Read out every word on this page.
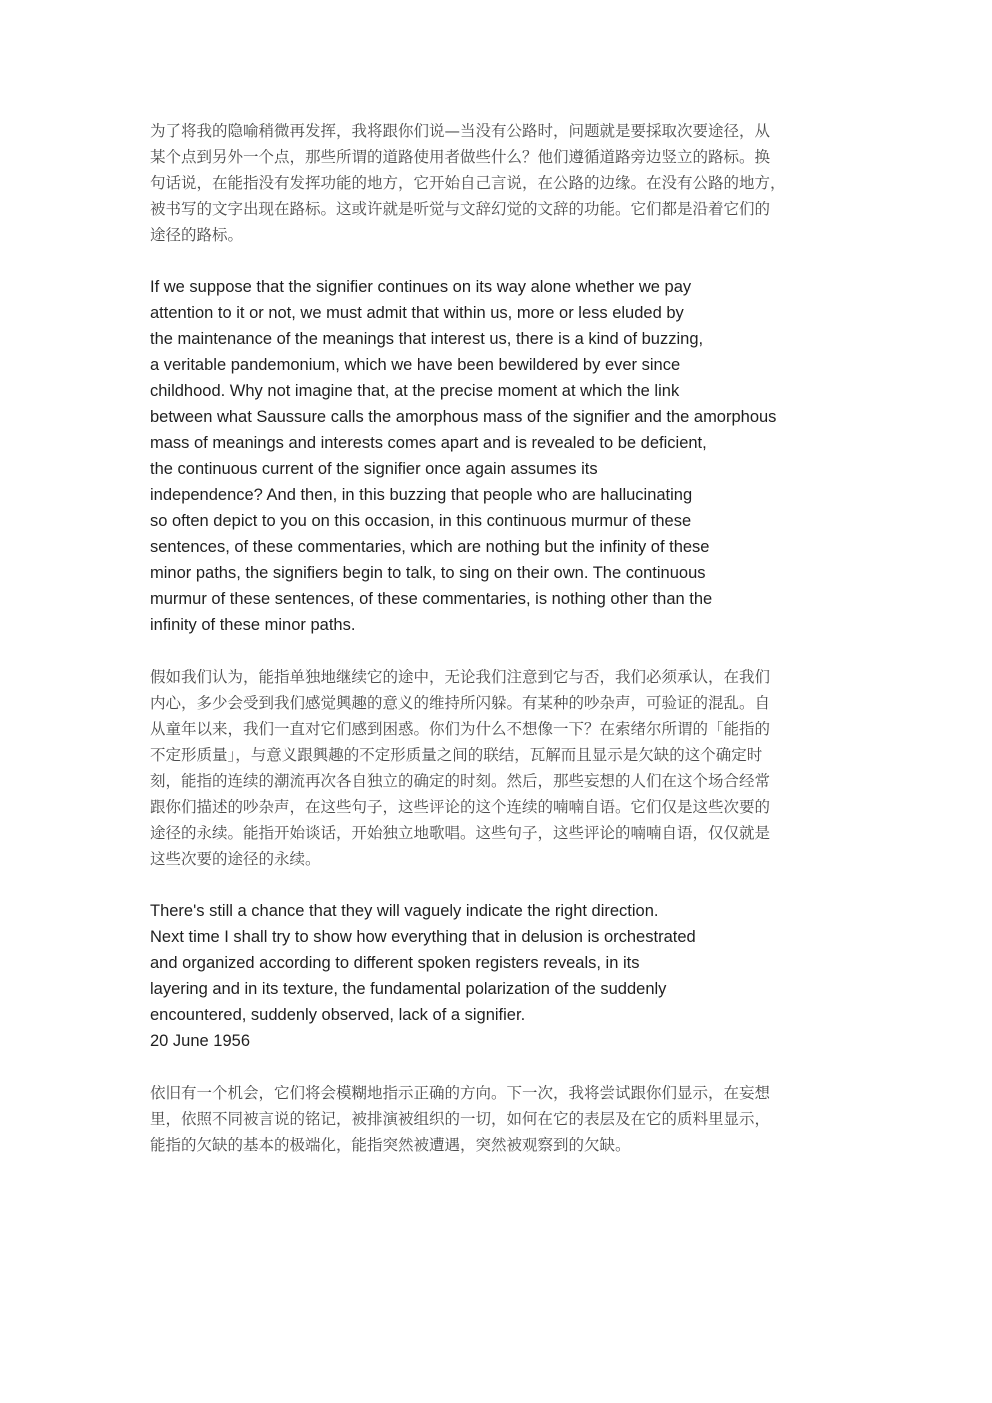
为了将我的隐喻稍微再发挥，我将跟你们说—当没有公路时，问题就是要採取次要途径，从
某个点到另外一个点，那些所谓的道路使用者做些什么？他们遵循道路旁边竖立的路标。换
句话说，在能指没有发挥功能的地方，它开始自己言说，在公路的边缘。在没有公路的地方，
被书写的文字出现在路标。这或许就是听觉与文辞幻觉的文辞的功能。它们都是沿着它们的
途径的路标。

If we suppose that the signifier continues on its way alone whether we pay
attention to it or not, we must admit that within us, more or less eluded by
the maintenance of the meanings that interest us, there is a kind of buzzing,
a veritable pandemonium, which we have been bewildered by ever since
childhood. Why not imagine that, at the precise moment at which the link
between what Saussure calls the amorphous mass of the signifier and the amorphous
mass of meanings and interests comes apart and is revealed to be deficient,
the continuous current of the signifier once again assumes its
independence? And then, in this buzzing that people who are hallucinating
so often depict to you on this occasion, in this continuous murmur of these
sentences, of these commentaries, which are nothing but the infinity of these
minor paths, the signifiers begin to talk, to sing on their own. The continuous
murmur of these sentences, of these commentaries, is nothing other than the
infinity of these minor paths.

假如我们认为，能指单独地继续它的途中，无论我们注意到它与否，我们必须承认，在我们
内心，多少会受到我们感觉興趣的意义的维持所闪躲。有某种的吵杂声，可验证的混乱。自
从童年以来，我们一直对它们感到困惑。你们为什么不想像一下？在索绪尔所谓的「能指的
不定形质量」，与意义跟興趣的不定形质量之间的联结，瓦解而且显示是欠缺的这个确定时
刻，能指的连续的潮流再次各自独立的确定的时刻。然后，那些妄想的人们在这个场合经常
跟你们描述的吵杂声，在这些句子，这些评论的这个连续的喃喃自语。它们仅是这些次要的
途径的永续。能指开始谈话，开始独立地歌唱。这些句子，这些评论的喃喃自语，仅仅就是
这些次要的途径的永续。

There's still a chance that they will vaguely indicate the right direction.
Next time I shall try to show how everything that in delusion is orchestrated
and organized according to different spoken registers reveals, in its
layering and in its texture, the fundamental polarization of the suddenly
encountered, suddenly observed, lack of a signifier.
20 June 1956

依旧有一个机会，它们将会模糊地指示正确的方向。下一次，我将尝试跟你们显示，在妄想
里，依照不同被言说的铭记，被排演被组织的一切，如何在它的表层及在它的质料里显示，
能指的欠缺的基本的极端化，能指突然被遭遇，突然被观察到的欠缺。
